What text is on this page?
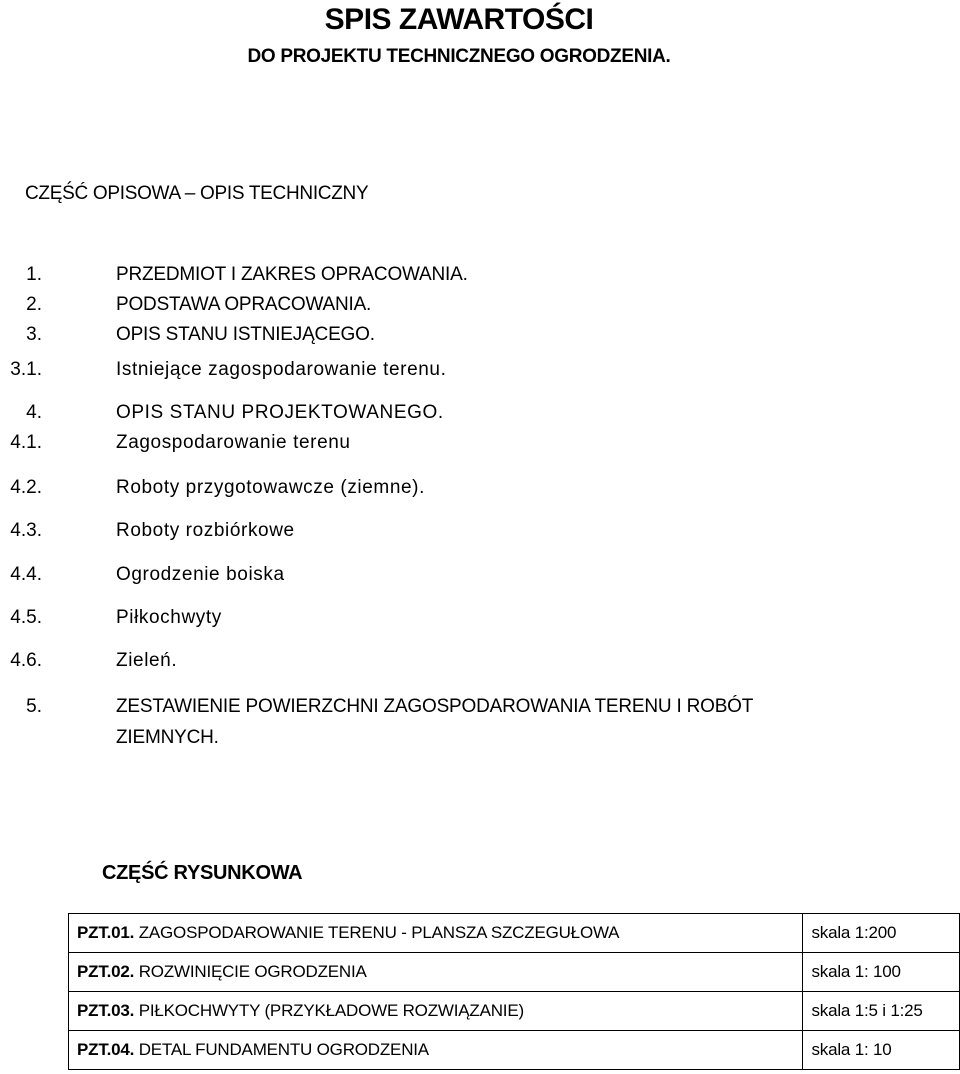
SPIS ZAWARTOŚCI
DO PROJEKTU TECHNICZNEGO OGRODZENIA.
CZĘŚĆ OPISOWA – OPIS TECHNICZNY
1.	PRZEDMIOT I ZAKRES OPRACOWANIA.
2.	PODSTAWA OPRACOWANIA.
3.	OPIS STANU ISTNIEJĄCEGO.
3.1.	Istniejące zagospodarowanie terenu.
4.	OPIS STANU PROJEKTOWANEGO.
4.1.	Zagospodarowanie terenu
4.2.	Roboty przygotowawcze (ziemne).
4.3.	Roboty rozbiórkowe
4.4.	Ogrodzenie boiska
4.5.	Piłkochwyty
4.6.	Zieleń.
5.	ZESTAWIENIE POWIERZCHNI ZAGOSPODAROWANIA TERENU I ROBÓT
ZIEMNYCH.
CZĘŚĆ RYSUNKOWA
PZT.01. ZAGOSPODAROWANIE TERENU - PLANSZA SZCZEGUŁOWA	skala 1:200
PZT.02. ROZWINIĘCIE OGRODZENIA	skala 1: 100
PZT.03. PIŁKOCHWYTY (PRZYKŁADOWE ROZWIĄZANIE)	skala 1:5 i 1:25
PZT.04. DETAL FUNDAMENTU OGRODZENIA	skala 1: 10
